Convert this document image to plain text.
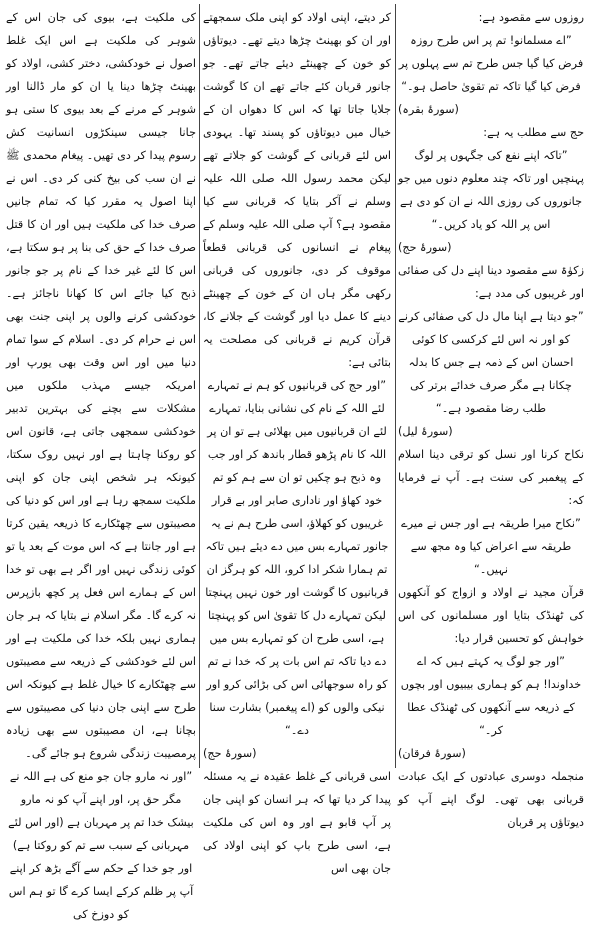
روزوں سے مقصود ہے:

”اے مسلمانو! تم پر اس طرح روزہ فرض کیا گیا جس طرح تم سے پہلوں پر فرض کیا گیا تاکہ تم تقویٰ حاصل ہو۔“

(سورۂ بقرہ)

حج سے مطلب یہ ہے:

”تاکہ اپنے نفع کی جگہوں پر لوگ پہنچیں اور تاکہ چند معلوم دنوں میں جو جانوروں کی روزی اللہ نے ان کو دی ہے اس پر اللہ کو یاد کریں۔“

(سورۂ حج)

زکوٰۃ سے مقصود دینا اپنے دل کی صفائی اور غریبوں کی مدد ہے:

”جو دیتا ہے اپنا مال دل کی صفائی کرنے کو اور نہ اس لئے کرکسی کا کوئی احسان اس کے ذمہ ہے جس کا بدلہ چکانا ہے مگر صرف خدائے برتر کی طلب رضا مقصود ہے۔“

(سورۂ لیل)

نکاح کرنا اور نسل کو ترقی دینا اسلام کے پیغمبر کی سنت ہے۔ آپ نے فرمایا کہ:

”نکاح میرا طریقہ ہے اور جس نے میرے طریقہ سے اعراض کیا وہ مجھ سے نہیں۔“

قرآن مجید نے اولاد و ازواج کو آنکھوں کی ٹھنڈک بتایا اور مسلمانوں کی اس خواہش کو تحسین قرار دیا:

”اور جو لوگ یہ کہتے ہیں کہ اے خداوندا! ہم کو ہماری بیبیوں اور بچوں کے ذریعہ سے آنکھوں کی ٹھنڈک عطا کر۔“

(سورۂ فرقان)

منجملہ دوسری عبادتوں کے ایک عبادت قربانی بھی تھی۔ لوگ اپنے آپ کو دیوتاؤں پر قربان

کر دیتے، اپنی اولاد کو اپنی ملک سمجھتے اور ان کو بھینٹ چڑھا دیتے تھے۔ دیوتاؤں کو خون کے چھینٹے دیئے جاتے تھے۔ جو جانور قربان کئے جاتے تھے ان کا گوشت جلایا جاتا تھا کہ اس کا دھواں ان کے خیال میں دیوتاؤں کو پسند تھا۔ یہودی اس لئے قربانی کے گوشت کو جلاتے تھے لیکن محمد رسول اللہ صلی اللہ علیہ وسلم نے آکر بتایا کہ قربانی سے کیا مقصود ہے؟ آپ صلی اللہ علیہ وسلم کے پیغام نے انسانوں کی قربانی قطعاً موقوف کر دی، جانوروں کی قربانی رکھی مگر ہاں ان کے خون کے چھینٹے دینے کا عمل دیا اور گوشت کے جلانے کا، قرآن کریم نے قربانی کی مصلحت یہ بتائی ہے:

”اور حج کی قربانیوں کو ہم نے تمہارے لئے اللہ کے نام کی نشانی بنایا، تمہارے لئے ان قربانیوں میں بھلائی ہے تو ان پر اللہ کا نام پڑھو قطار باندھ کر اور جب وہ ذبح ہو چکیں تو ان سے ہم کو تم خود کھاؤ اور ناداری صابر اور بے قرار غریبوں کو کھلاؤ، اسی طرح ہم نے یہ جانور تمہارے بس میں دے دیئے ہیں تاکہ تم ہمارا شکر ادا کرو، اللہ کو ہرگز ان قربانیوں کا گوشت اور خون نہیں پہنچتا لیکن تمہارے دل کا تقویٰ اس کو پہنچتا ہے، اسی طرح ان کو تمہارے بس میں دے دیا تاکہ تم اس بات پر کہ خدا نے تم کو راہ سوجھائی اس کی بڑائی کرو اور نیکی والوں کو (اے پیغمبر) بشارت سنا دے۔“

(سورۂ حج)

اسی قربانی کے غلط عقیدہ نے یہ مسئلہ پیدا کر دیا تھا کہ ہر انسان کو اپنی جان پر آپ قابو ہے اور وہ اس کی ملکیت ہے، اسی طرح باپ کو اپنی اولاد کی جان بھی اس

کی ملکیت ہے، بیوی کی جان اس کے شوہر کی ملکیت ہے اس ایک غلط اصول نے خودکشی، دختر کشی، اولاد کو بھینٹ چڑھا دینا یا ان کو مار ڈالنا اور شوہر کے مرنے کے بعد بیوی کا ستی ہو جانا جیسی سینکڑوں انسانیت کش رسوم پیدا کر دی تھیں۔ پیغام محمدی ﷺ نے ان سب کی بیخ کنی کر دی۔ اس نے اپنا اصول یہ مقرر کیا کہ تمام جانیں صرف خدا کی ملکیت ہیں اور ان کا قتل صرف خدا کے حق کی بنا پر ہو سکتا ہے، اس کا لئے غیر خدا کے نام پر جو جانور ذبح کیا جائے اس کا کھانا ناجائز ہے۔ خودکشی کرنے والوں پر اپنی جنت بھی اس نے حرام کر دی۔ اسلام کے سوا تمام دنیا میں اور اس وقت بھی یورپ اور امریکہ جیسے مہذب ملکوں میں مشکلات سے بچنے کی بہترین تدبیر خودکشی سمجھی جاتی ہے، قانون اس کو روکنا چاہتا ہے اور نہیں روک سکتا، کیونکہ ہر شخص اپنی جان کو اپنی ملکیت سمجھ رہا ہے اور اس کو دنیا کی مصیبتوں سے چھٹکارے کا ذریعہ یقین کرتا ہے اور جانتا ہے کہ اس موت کے بعد یا تو کوئی زندگی نہیں اور اگر ہے بھی تو خدا اس کے ہمارے اس فعل پر کچھ بازپرس نہ کرے گا۔ مگر اسلام نے بتایا کہ ہر جان ہماری نہیں بلکہ خدا کی ملکیت ہے اور اس لئے خودکشی کے ذریعہ سے مصیبتوں سے چھٹکارے کا خیال غلط ہے کیونکہ اس طرح سے اپنی جان دنیا کی مصیبتوں سے بچانا ہے، ان مصیبتوں سے بھی زیادہ پرمصیبت زندگی شروع ہو جائے گی۔

”اور نہ مارو جان جو منع کی ہے اللہ نے مگر حق پر، اور اپنے آپ کو نہ مارو بیشک خدا تم پر مہربان ہے (اور اس لئے مہربانی کے سبب سے تم کو روکتا ہے) اور جو خدا کے حکم سے آگے بڑھ کر اپنے آپ پر ظلم کرکے ایسا کرے گا تو ہم اس کو دوزخ کی
